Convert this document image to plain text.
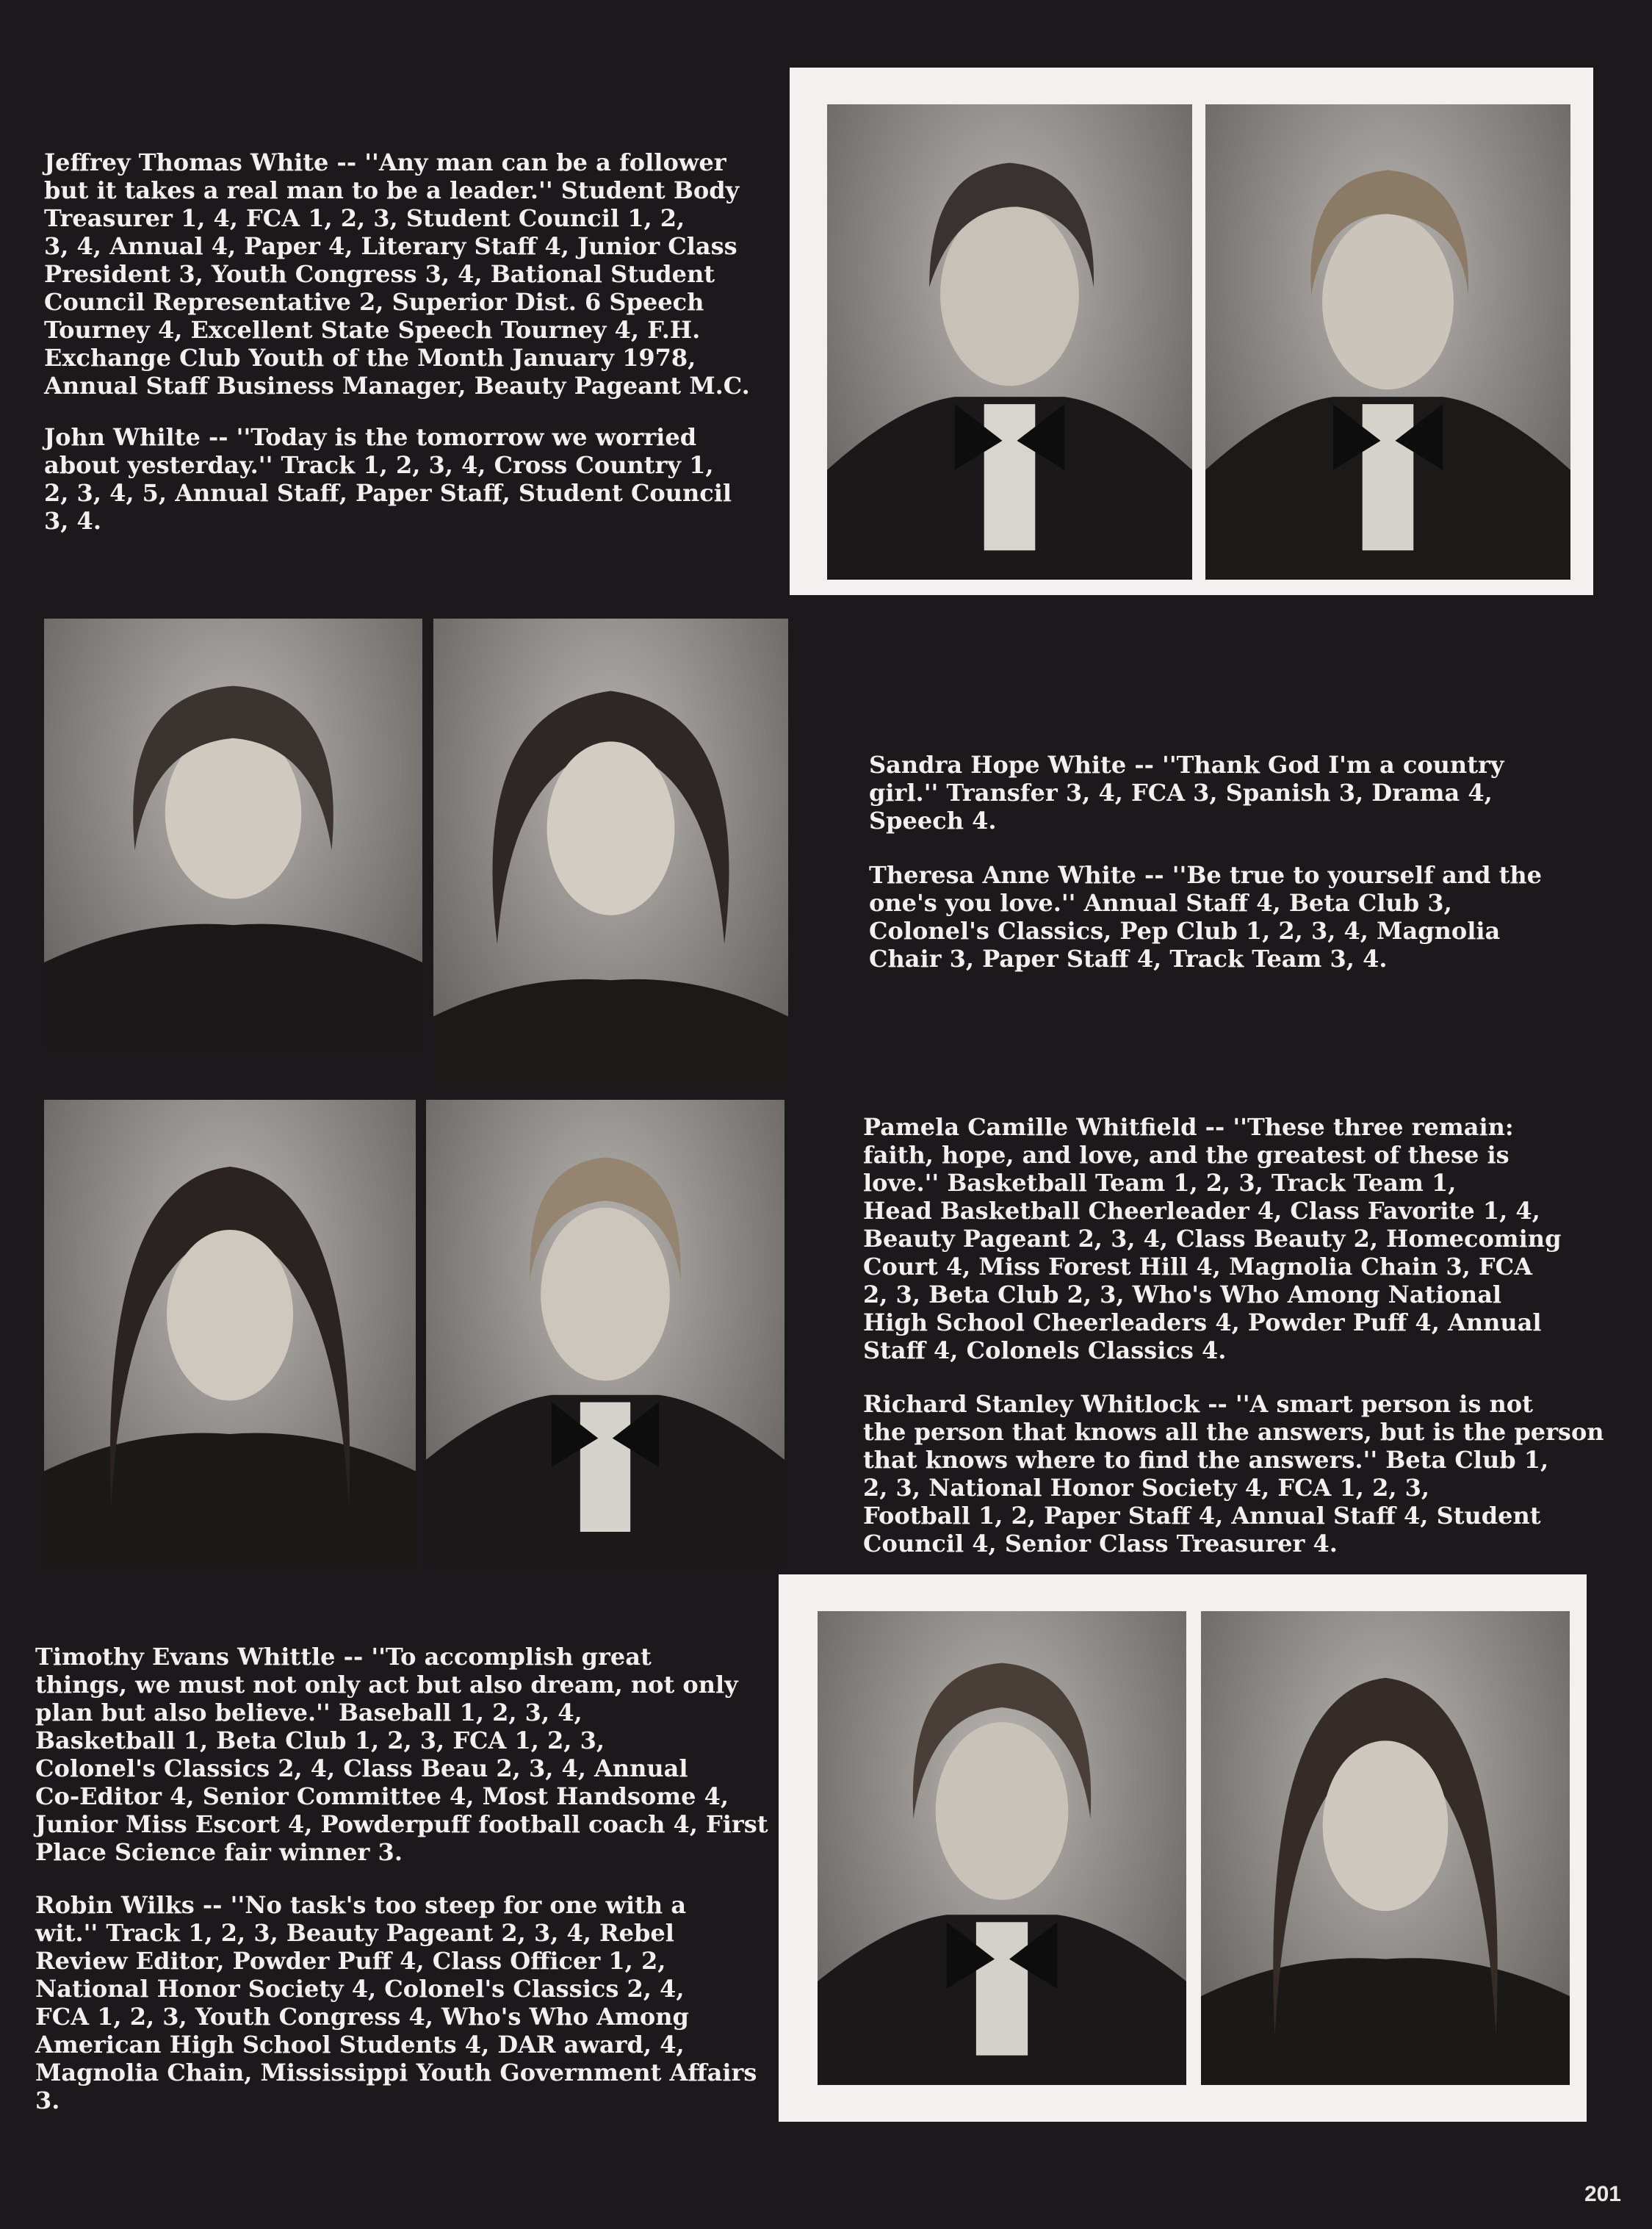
Jeffrey Thomas White -- ''Any man can be a follower
but it takes a real man to be a leader.'' Student Body
Treasurer 1, 4, FCA 1, 2, 3, Student Council 1, 2,
3, 4, Annual 4, Paper 4, Literary Staff 4, Junior Class
President 3, Youth Congress 3, 4, Bational Student
Council Representative 2, Superior Dist. 6 Speech
Tourney 4, Excellent State Speech Tourney 4, F.H.
Exchange Club Youth of the Month January 1978,
Annual Staff Business Manager, Beauty Pageant M.C.

John Whilte -- ''Today is the tomorrow we worried
about yesterday.'' Track 1, 2, 3, 4, Cross Country 1,
2, 3, 4, 5, Annual Staff, Paper Staff, Student Council
3, 4.

Sandra Hope White -- ''Thank God I'm a country
girl.'' Transfer 3, 4, FCA 3, Spanish 3, Drama 4,
Speech 4.

Theresa Anne White -- ''Be true to yourself and the
one's you love.'' Annual Staff 4, Beta Club 3,
Colonel's Classics, Pep Club 1, 2, 3, 4, Magnolia
Chair 3, Paper Staff 4, Track Team 3, 4.

Pamela Camille Whitfield -- ''These three remain:
faith, hope, and love, and the greatest of these is
love.'' Basketball Team 1, 2, 3, Track Team 1,
Head Basketball Cheerleader 4, Class Favorite 1, 4,
Beauty Pageant 2, 3, 4, Class Beauty 2, Homecoming
Court 4, Miss Forest Hill 4, Magnolia Chain 3, FCA
2, 3, Beta Club 2, 3, Who's Who Among National
High School Cheerleaders 4, Powder Puff 4, Annual
Staff 4, Colonels Classics 4.

Richard Stanley Whitlock -- ''A smart person is not
the person that knows all the answers, but is the person
that knows where to find the answers.'' Beta Club 1,
2, 3, National Honor Society 4, FCA 1, 2, 3,
Football 1, 2, Paper Staff 4, Annual Staff 4, Student
Council 4, Senior Class Treasurer 4.

Timothy Evans Whittle -- ''To accomplish great
things, we must not only act but also dream, not only
plan but also believe.'' Baseball 1, 2, 3, 4,
Basketball 1, Beta Club 1, 2, 3, FCA 1, 2, 3,
Colonel's Classics 2, 4, Class Beau 2, 3, 4, Annual
Co-Editor 4, Senior Committee 4, Most Handsome 4,
Junior Miss Escort 4, Powderpuff football coach 4, First
Place Science fair winner 3.

Robin Wilks -- ''No task's too steep for one with a
wit.'' Track 1, 2, 3, Beauty Pageant 2, 3, 4, Rebel
Review Editor, Powder Puff 4, Class Officer 1, 2,
National Honor Society 4, Colonel's Classics 2, 4,
FCA 1, 2, 3, Youth Congress 4, Who's Who Among
American High School Students 4, DAR award, 4,
Magnolia Chain, Mississippi Youth Government Affairs
3.

201
